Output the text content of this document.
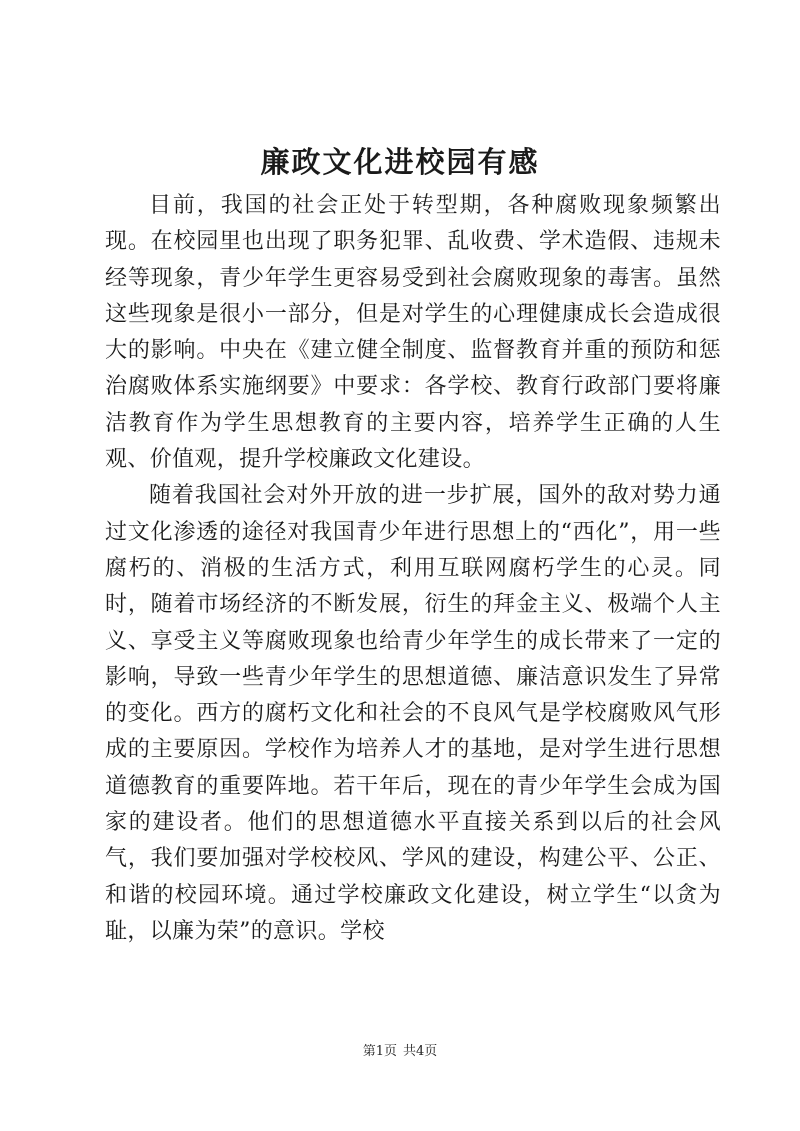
廉政文化进校园有感

目前，我国的社会正处于转型期，各种腐败现象频繁出现。在校园里也出现了职务犯罪、乱收费、学术造假、违规未经等现象，青少年学生更容易受到社会腐败现象的毒害。虽然这些现象是很小一部分，但是对学生的心理健康成长会造成很大的影响。中央在《建立健全制度、监督教育并重的预防和惩治腐败体系实施纲要》中要求：各学校、教育行政部门要将廉洁教育作为学生思想教育的主要内容，培养学生正确的人生观、价值观，提升学校廉政文化建设。

随着我国社会对外开放的进一步扩展，国外的敌对势力通过文化渗透的途径对我国青少年进行思想上的“西化”，用一些腐朽的、消极的生活方式，利用互联网腐朽学生的心灵。同时，随着市场经济的不断发展，衍生的拜金主义、极端个人主义、享受主义等腐败现象也给青少年学生的成长带来了一定的影响，导致一些青少年学生的思想道德、廉洁意识发生了异常的变化。西方的腐朽文化和社会的不良风气是学校腐败风气形成的主要原因。学校作为培养人才的基地，是对学生进行思想道德教育的重要阵地。若干年后，现在的青少年学生会成为国家的建设者。他们的思想道德水平直接关系到以后的社会风气，我们要加强对学校校风、学风的建设，构建公平、公正、和谐的校园环境。通过学校廉政文化建设，树立学生“以贪为耻，以廉为荣”的意识。学校

第1页 共4页
